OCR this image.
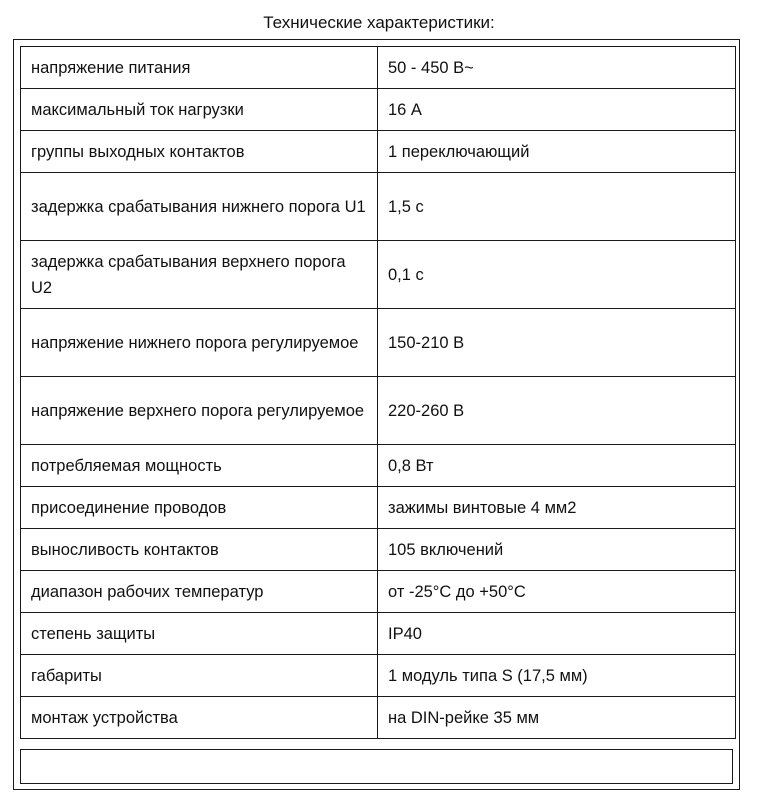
Технические характеристики:
напряжение питания	50 - 450 В~
максимальный ток нагрузки	16 А
группы выходных контактов	1 переключающий
задержка срабатывания нижнего порога U1	1,5 с
задержка срабатывания верхнего порога U2	0,1 с
напряжение нижнего порога регулируемое	150-210 В
напряжение верхнего порога регулируемое	220-260 В
потребляемая мощность	0,8 Вт
присоединение проводов	зажимы винтовые 4 мм2
выносливость контактов	105 включений
диапазон рабочих температур	от -25°С до +50°С
степень защиты	IP40
габариты	1 модуль типа S (17,5 мм)
монтаж устройства	на DIN-рейке 35 мм
